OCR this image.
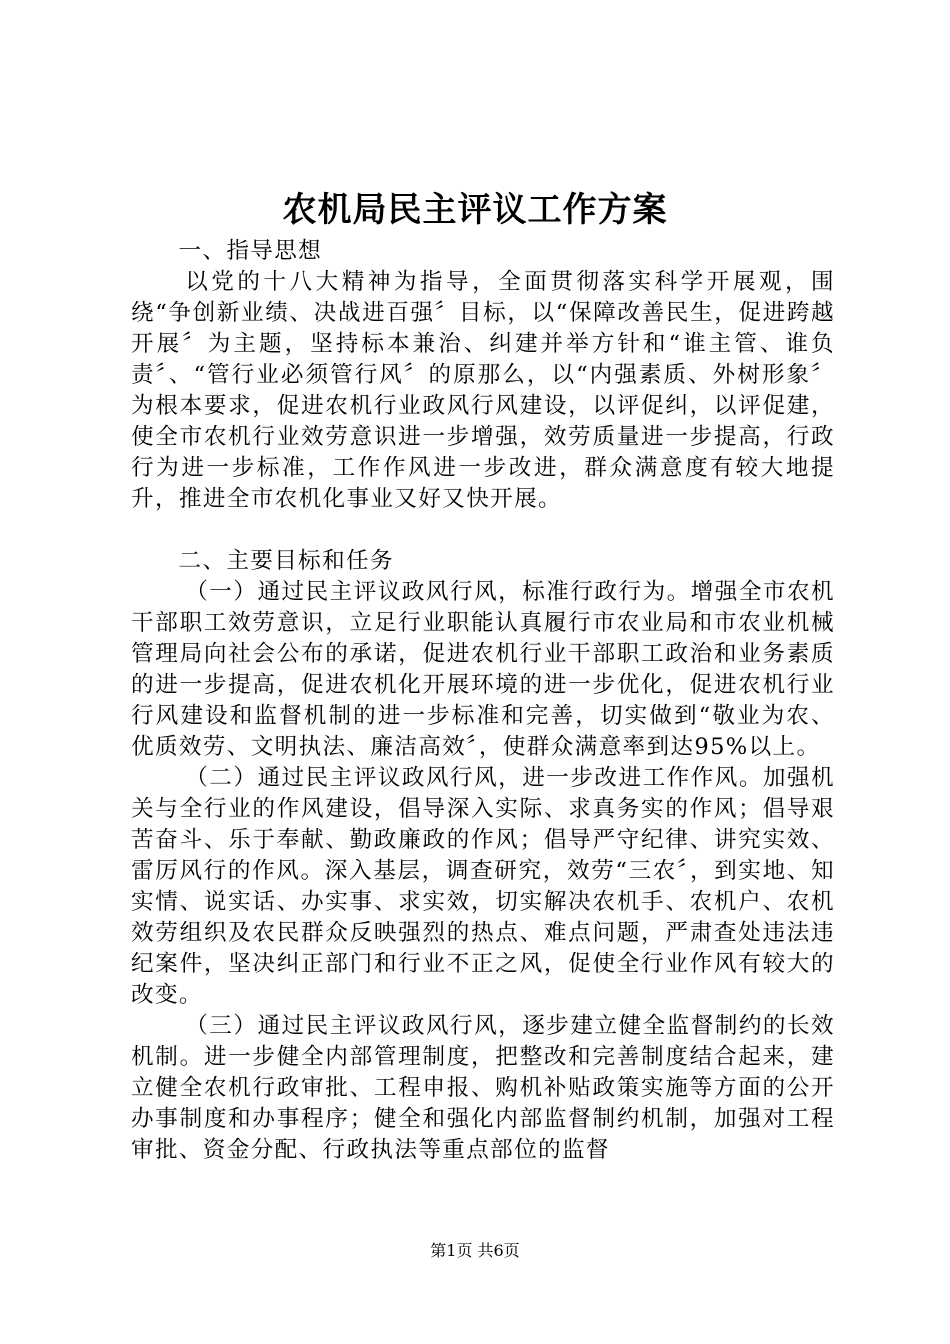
农机局民主评议工作方案

一、指导思想

以党的十八大精神为指导，全面贯彻落实科学开展观，围绕“争创新业绩、决战进百强〞目标，以“保障改善民生，促进跨越开展〞为主题，坚持标本兼治、纠建并举方针和“谁主管、谁负责〞、“管行业必须管行风〞的原那么，以“内强素质、外树形象〞为根本要求，促进农机行业政风行风建设，以评促纠，以评促建，使全市农机行业效劳意识进一步增强，效劳质量进一步提高，行政行为进一步标准，工作作风进一步改进，群众满意度有较大地提升，推进全市农机化事业又好又快开展。

二、主要目标和任务

（一）通过民主评议政风行风，标准行政行为。增强全市农机干部职工效劳意识，立足行业职能认真履行市农业局和市农业机械管理局向社会公布的承诺，促进农机行业干部职工政治和业务素质的进一步提高，促进农机化开展环境的进一步优化，促进农机行业行风建设和监督机制的进一步标准和完善，切实做到“敬业为农、优质效劳、文明执法、廉洁高效〞，使群众满意率到达95%以上。

（二）通过民主评议政风行风，进一步改进工作作风。加强机关与全行业的作风建设，倡导深入实际、求真务实的作风；倡导艰苦奋斗、乐于奉献、勤政廉政的作风；倡导严守纪律、讲究实效、雷厉风行的作风。深入基层，调查研究，效劳“三农〞，到实地、知实情、说实话、办实事、求实效，切实解决农机手、农机户、农机效劳组织及农民群众反映强烈的热点、难点问题，严肃查处违法违纪案件，坚决纠正部门和行业不正之风，促使全行业作风有较大的改变。

（三）通过民主评议政风行风，逐步建立健全监督制约的长效机制。进一步健全内部管理制度，把整改和完善制度结合起来，建立健全农机行政审批、工程申报、购机补贴政策实施等方面的公开办事制度和办事程序；健全和强化内部监督制约机制，加强对工程审批、资金分配、行政执法等重点部位的监督

第1页 共6页
